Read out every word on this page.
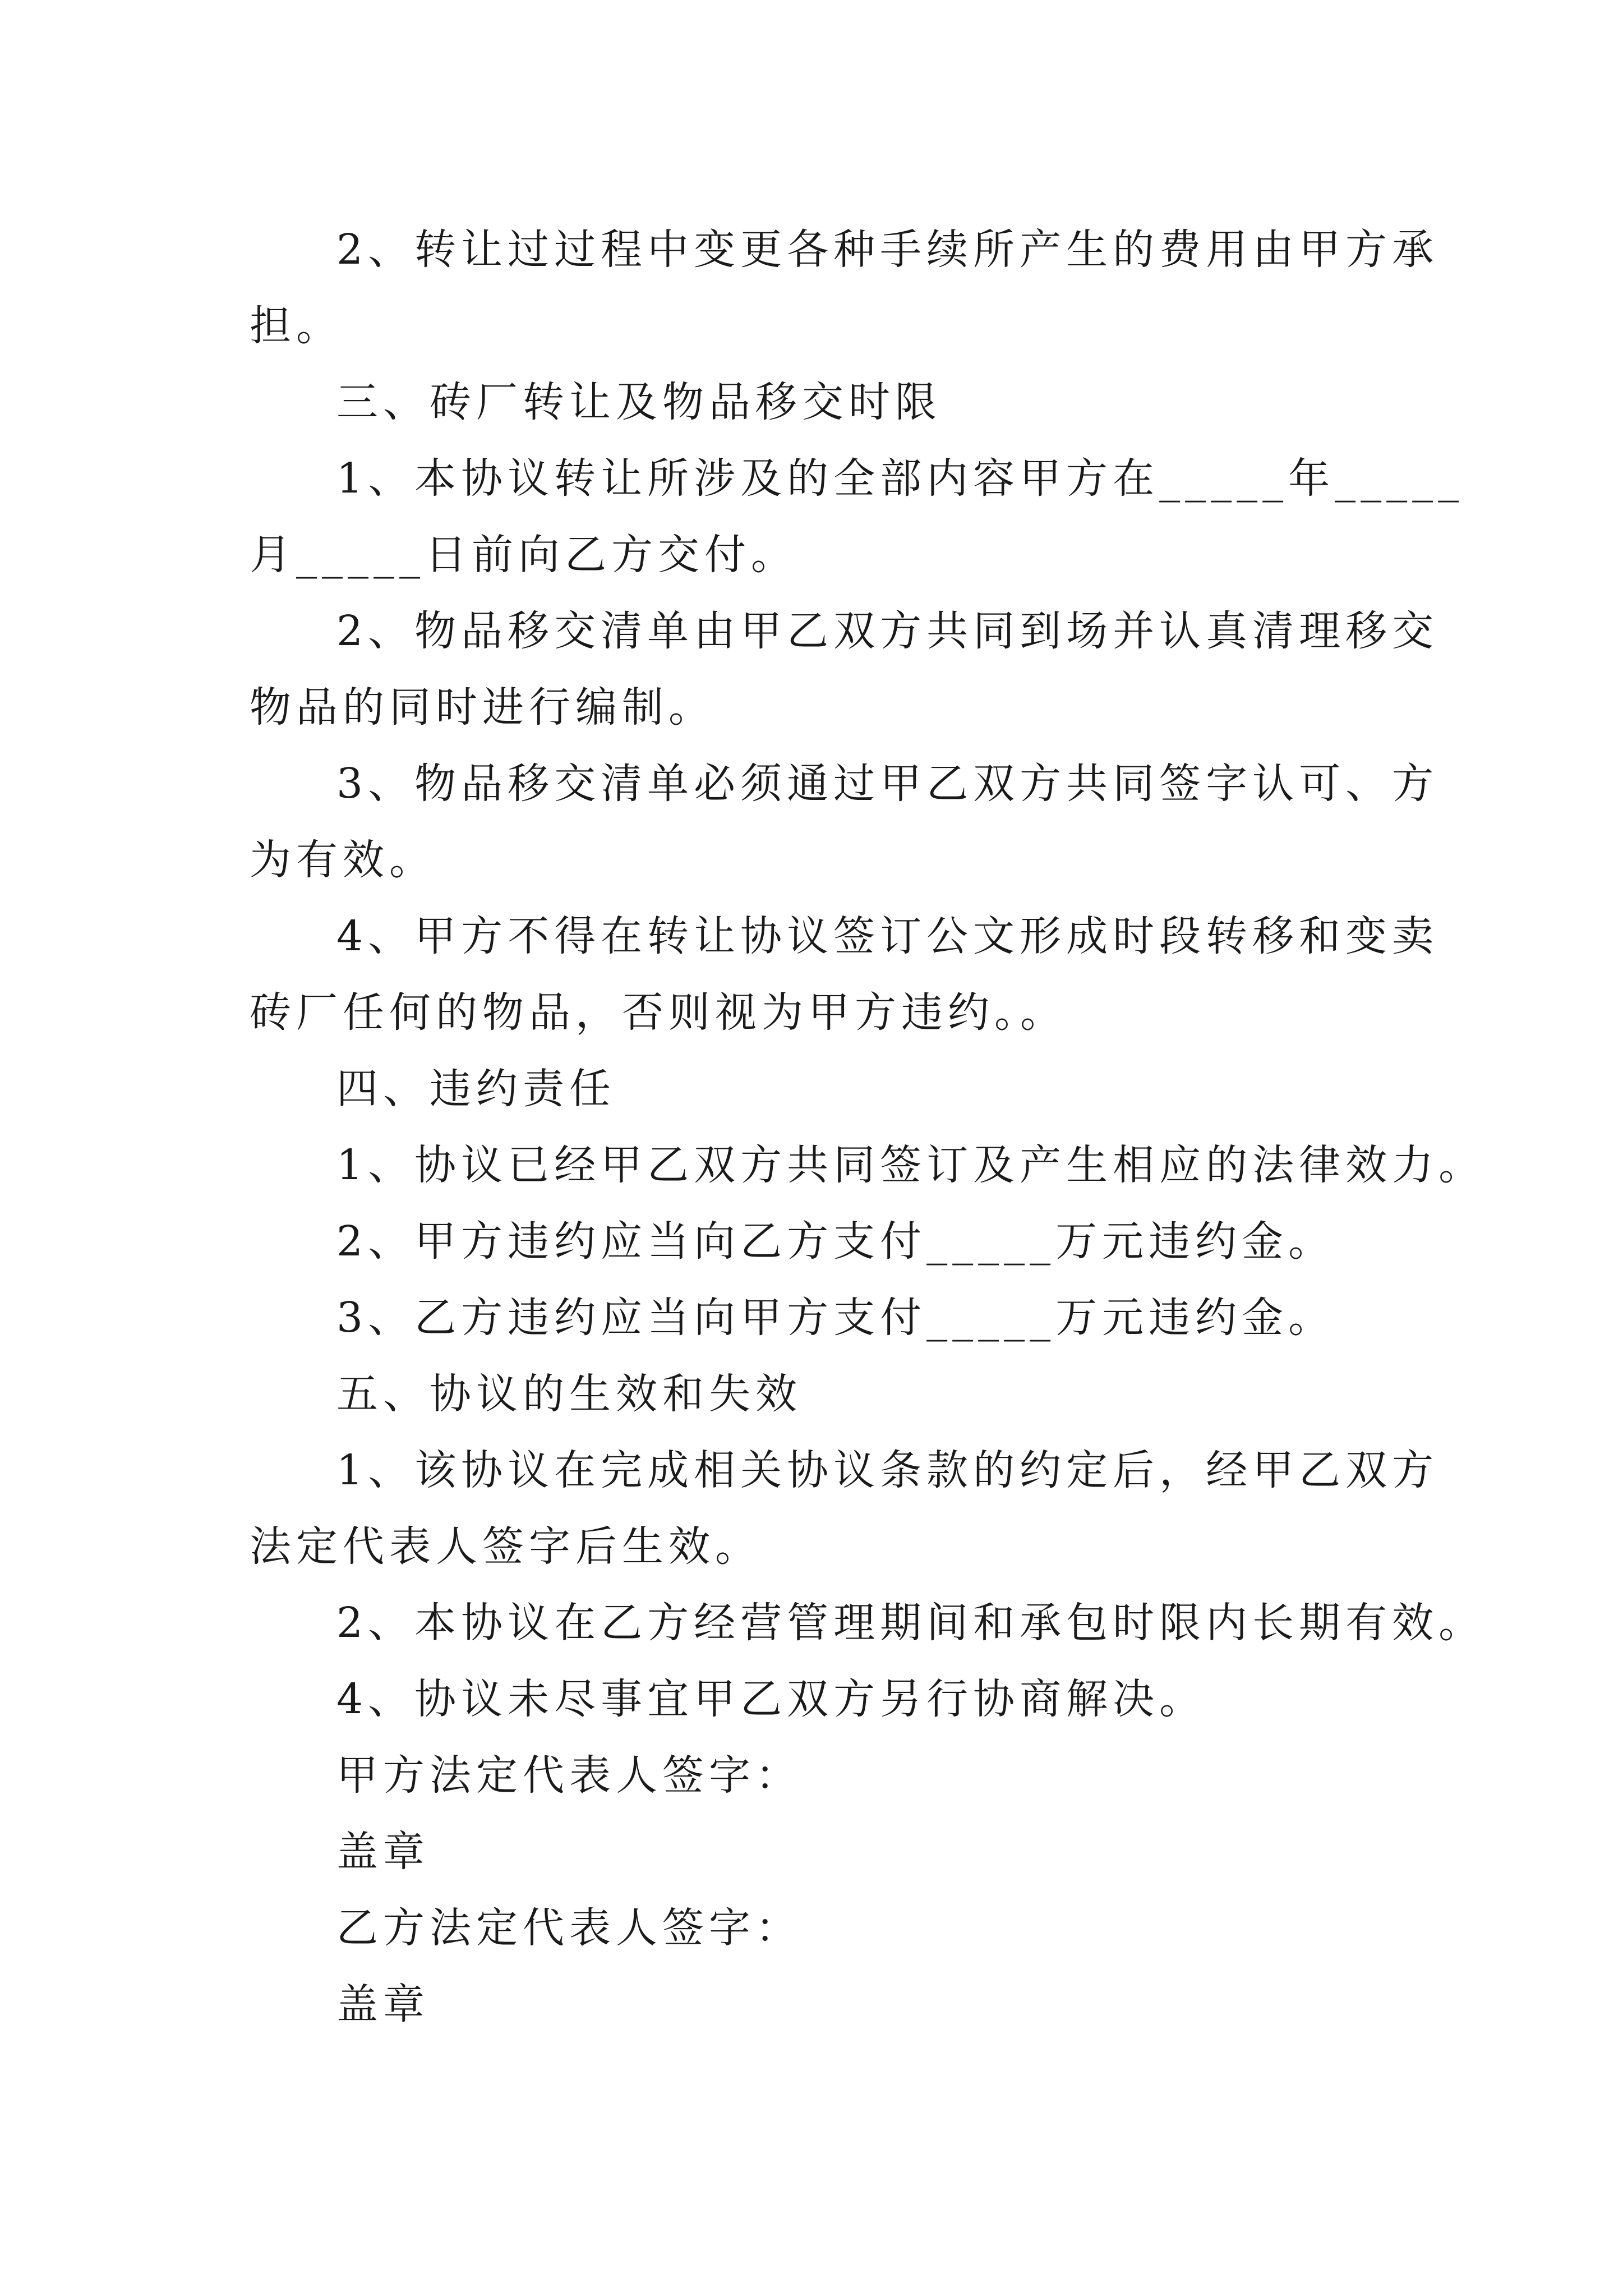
2、转让过过程中变更各种手续所产生的费用由甲方承
担。
三、砖厂转让及物品移交时限
1、本协议转让所涉及的全部内容甲方在_____年_____
月_____日前向乙方交付。
2、物品移交清单由甲乙双方共同到场并认真清理移交
物品的同时进行编制。
3、物品移交清单必须通过甲乙双方共同签字认可、方
为有效。
4、甲方不得在转让协议签订公文形成时段转移和变卖
砖厂任何的物品，否则视为甲方违约。。
四、违约责任
1、协议已经甲乙双方共同签订及产生相应的法律效力。
2、甲方违约应当向乙方支付_____万元违约金。
3、乙方违约应当向甲方支付_____万元违约金。
五、协议的生效和失效
1、该协议在完成相关协议条款的约定后，经甲乙双方
法定代表人签字后生效。
2、本协议在乙方经营管理期间和承包时限内长期有效。
4、协议未尽事宜甲乙双方另行协商解决。
甲方法定代表人签字：
盖章
乙方法定代表人签字：
盖章
